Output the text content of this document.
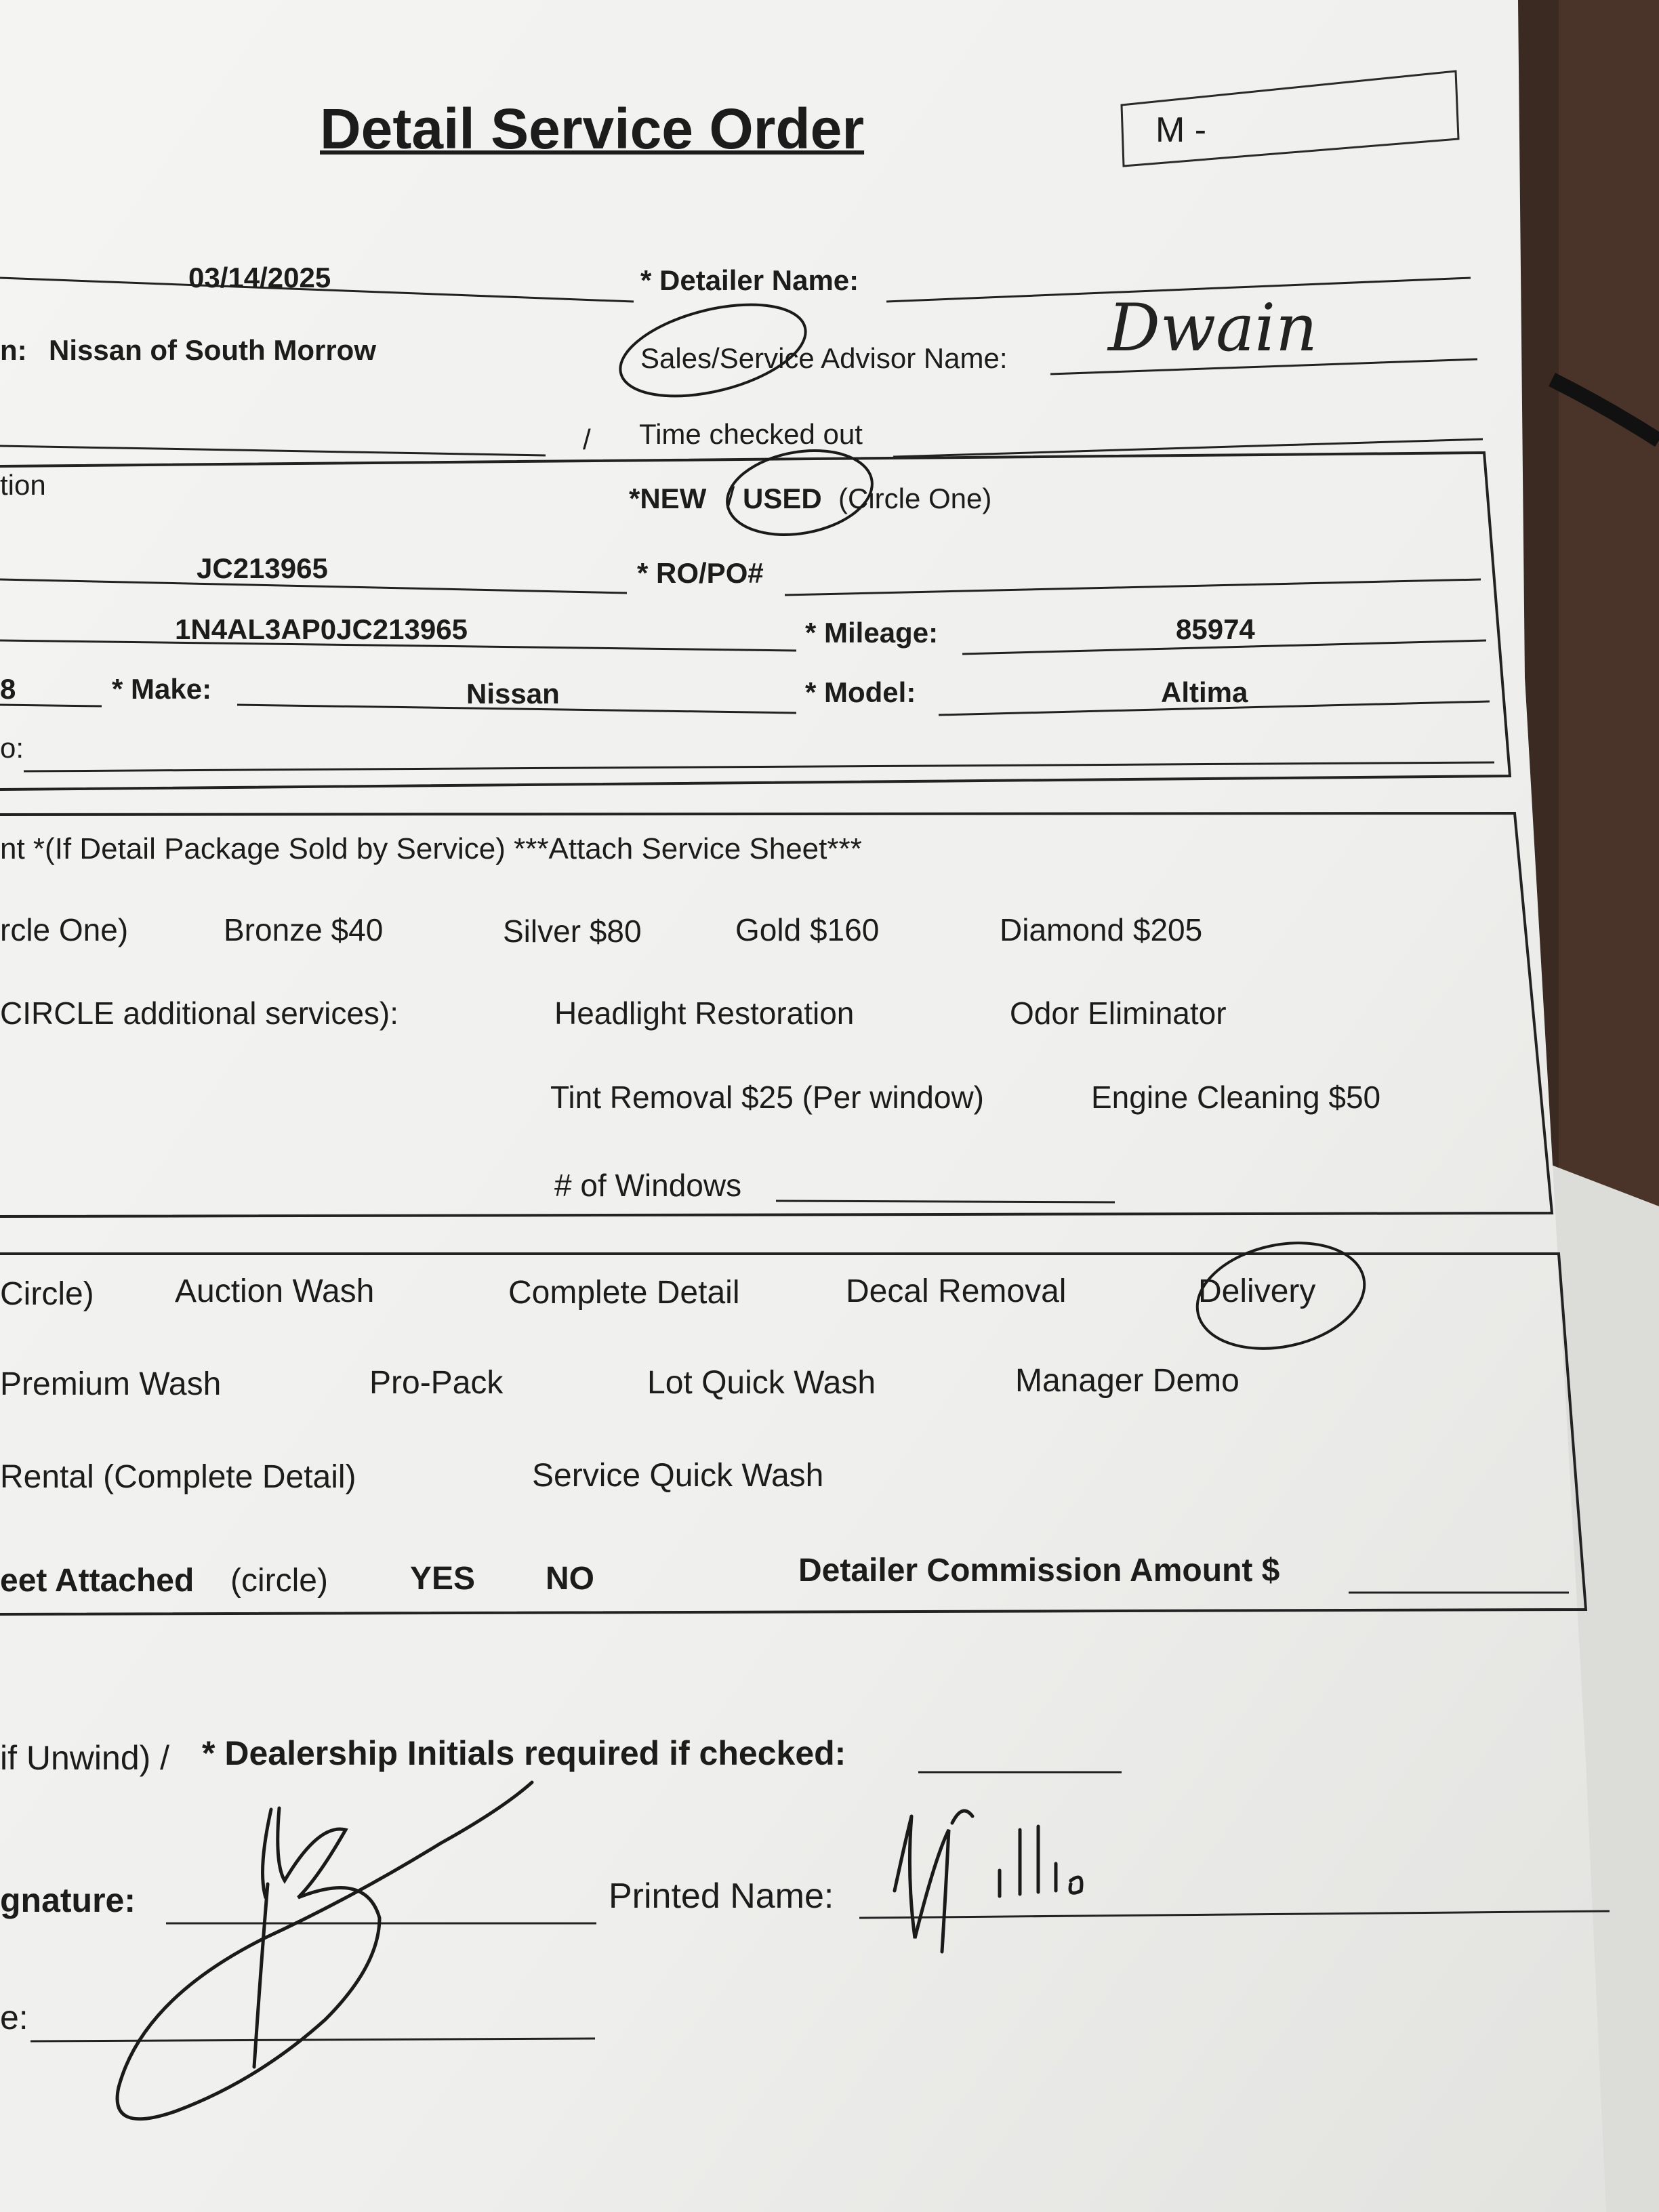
Detail Service Order	M -
03/14/2025	* Detailer Name:
n: Nissan of South Morrow	Sales/Service Advisor Name: Dwain
/ Time checked out
tion	*NEW / USED (Circle One)
JC213965	* RO/PO#
1N4AL3AP0JC213965	* Mileage:	85974
8	* Make:	Nissan	* Model:	Altima
o:
nt *(If Detail Package Sold by Service) ***Attach Service Sheet***
rcle One)	Bronze $40	Silver $80	Gold $160	Diamond $205
CIRCLE additional services):	Headlight Restoration	Odor Eliminator
Tint Removal $25 (Per window)	Engine Cleaning $50
# of Windows
Circle) Auction Wash	Complete Detail	Decal Removal	Delivery
Premium Wash	Pro-Pack	Lot Quick Wash	Manager Demo
Rental (Complete Detail)	Service Quick Wash
eet Attached (circle)	YES NO	Detailer Commission Amount $
if Unwind) / * Dealership Initials required if checked:
gnature:	Printed Name:
e:
